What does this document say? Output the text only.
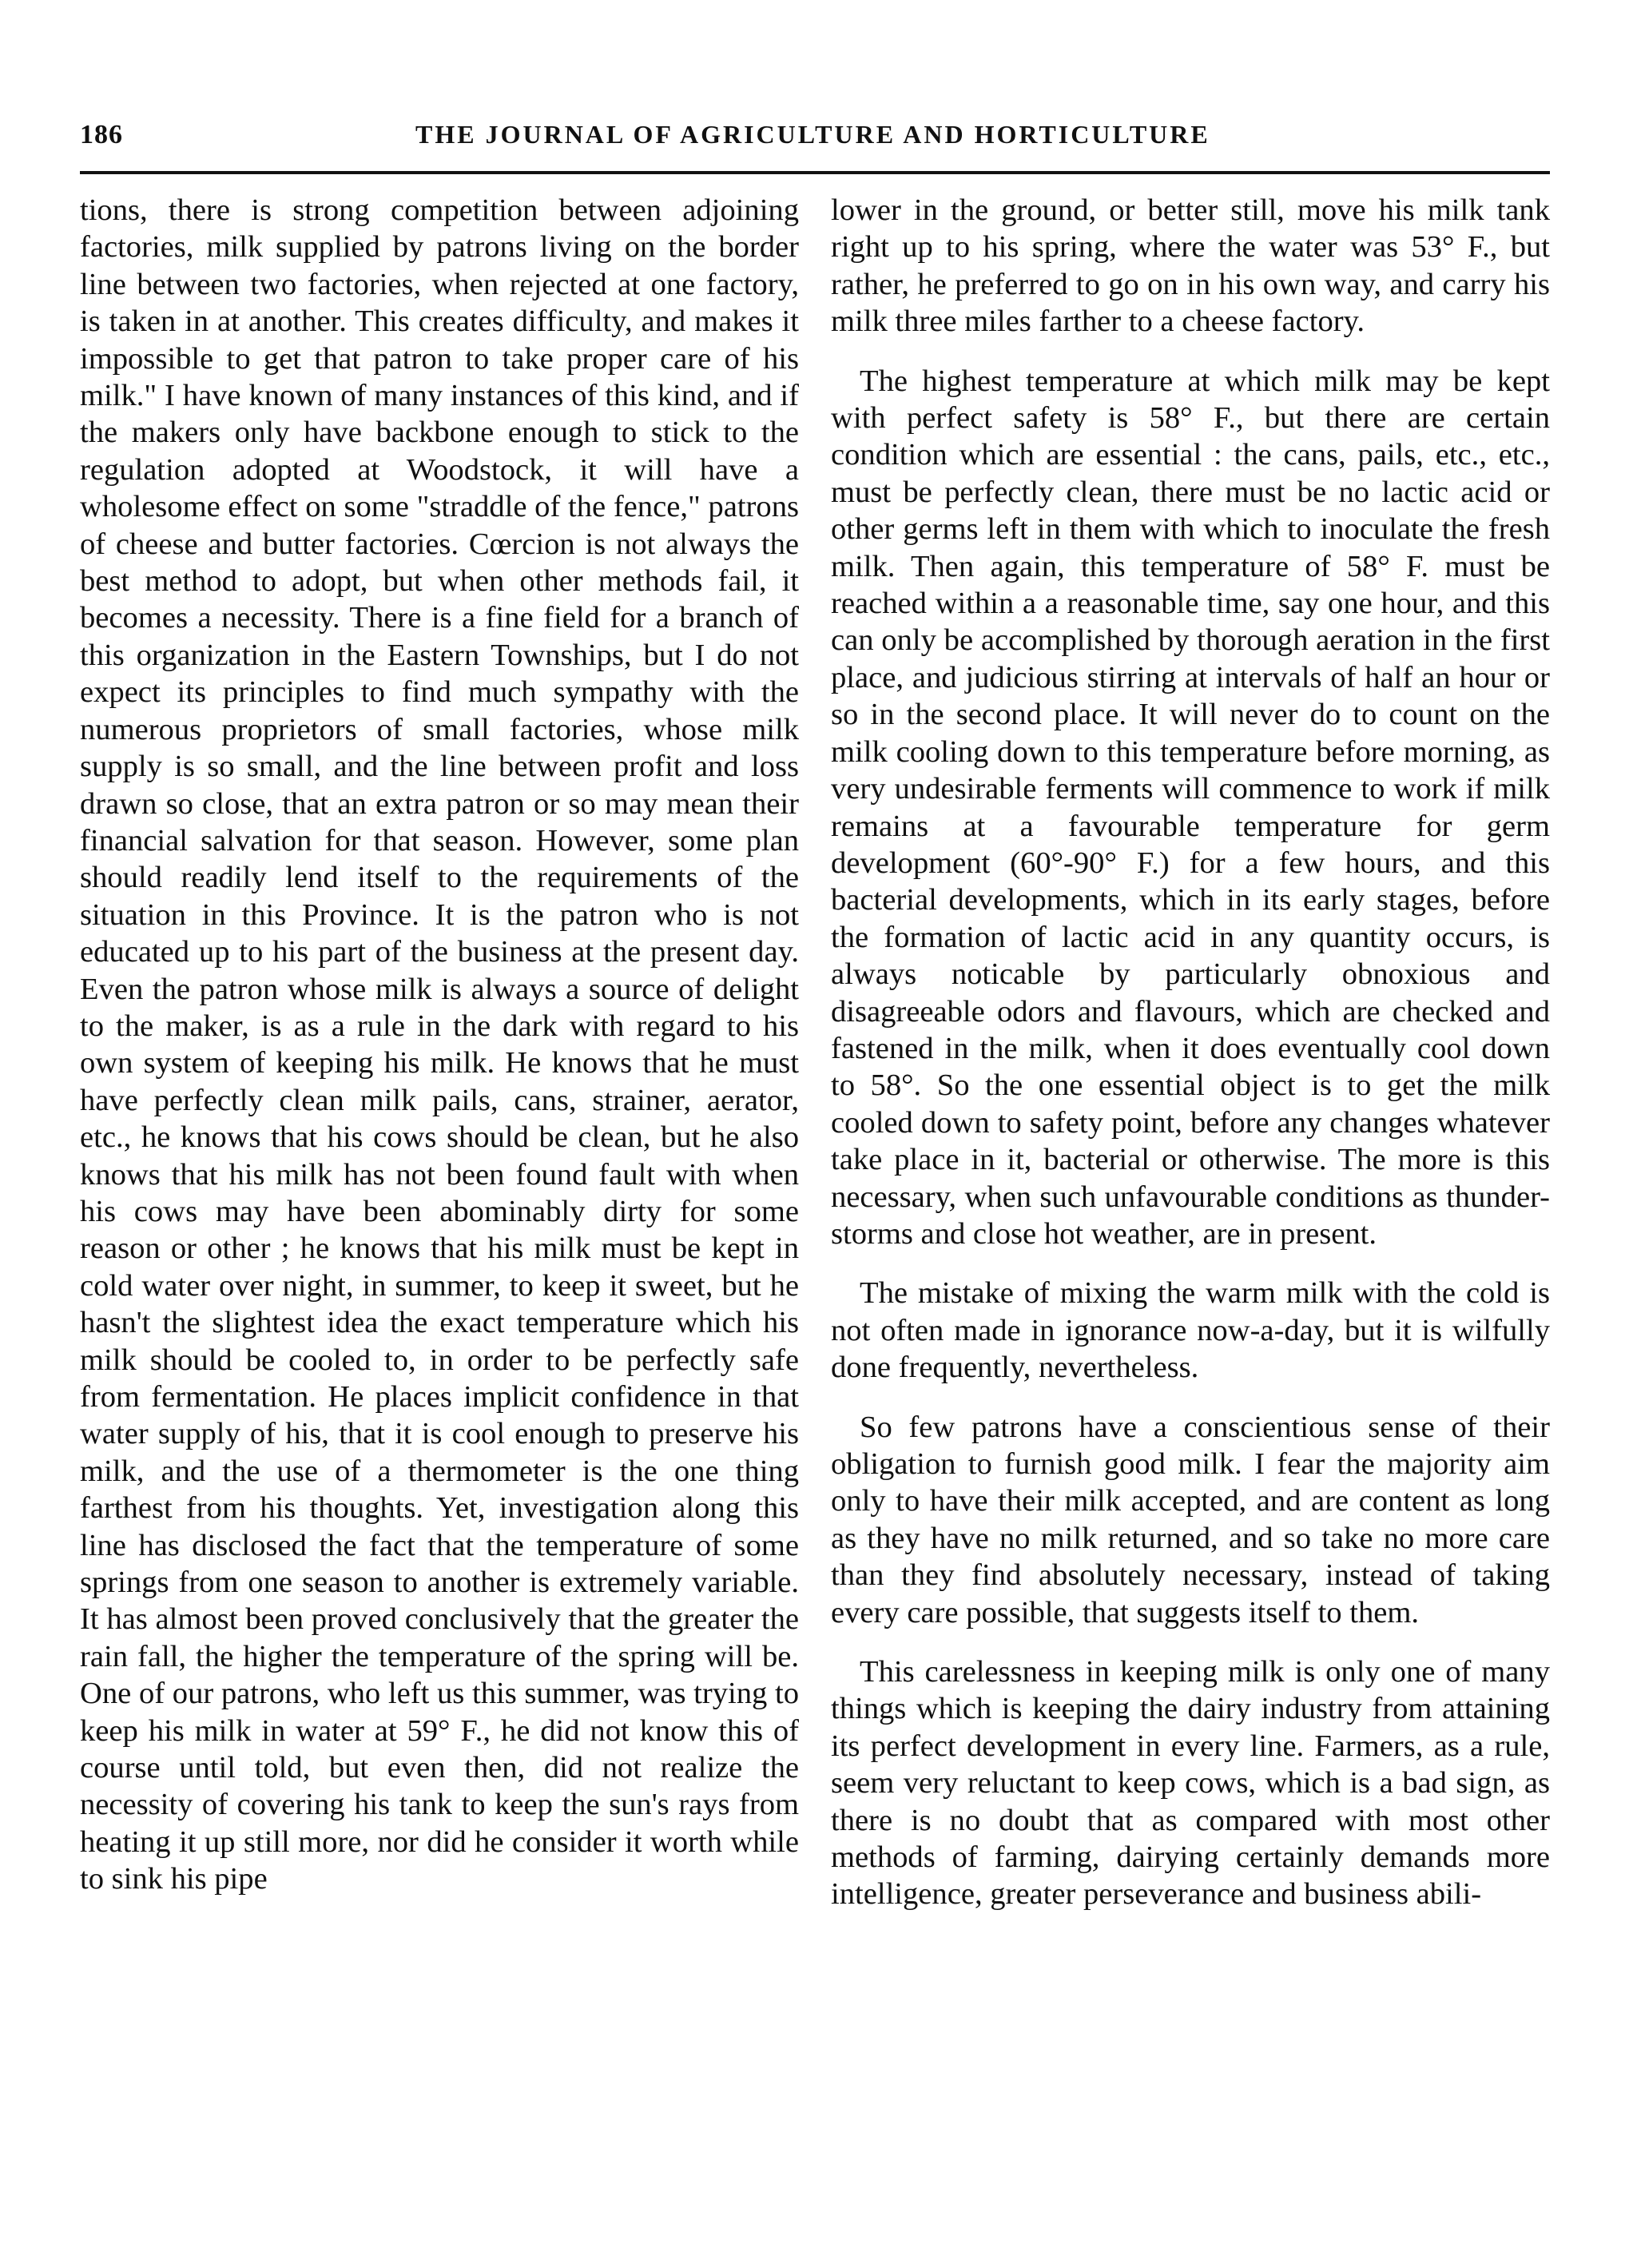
186	THE JOURNAL OF AGRICULTURE AND HORTICULTURE

tions, there is strong competition between adjoining factories, milk supplied by patrons living on the border line between two factories, when rejected at one factory, is taken in at another. This creates difficulty, and makes it impossible to get that patron to take proper care of his milk." I have known of many instances of this kind, and if the makers only have backbone enough to stick to the regulation adopted at Woodstock, it will have a wholesome effect on some "straddle of the fence," patrons of cheese and butter factories. Cœrcion is not always the best method to adopt, but when other methods fail, it becomes a necessity. There is a fine field for a branch of this organization in the Eastern Townships, but I do not expect its principles to find much sympathy with the numerous proprietors of small factories, whose milk supply is so small, and the line between profit and loss drawn so close, that an extra patron or so may mean their financial salvation for that season. However, some plan should readily lend itself to the requirements of the situation in this Province. It is the patron who is not educated up to his part of the business at the present day. Even the patron whose milk is always a source of delight to the maker, is as a rule in the dark with regard to his own system of keeping his milk. He knows that he must have perfectly clean milk pails, cans, strainer, aerator, etc., he knows that his cows should be clean, but he also knows that his milk has not been found fault with when his cows may have been abominably dirty for some reason or other ; he knows that his milk must be kept in cold water over night, in summer, to keep it sweet, but he hasn't the slightest idea the exact temperature which his milk should be cooled to, in order to be perfectly safe from fermentation. He places implicit confidence in that water supply of his, that it is cool enough to preserve his milk, and the use of a thermometer is the one thing farthest from his thoughts. Yet, investigation along this line has disclosed the fact that the temperature of some springs from one season to another is extremely variable. It has almost been proved conclusively that the greater the rain fall, the higher the temperature of the spring will be. One of our patrons, who left us this summer, was trying to keep his milk in water at 59° F., he did not know this of course until told, but even then, did not realize the necessity of covering his tank to keep the sun's rays from heating it up still more, nor did he consider it worth while to sink his pipe

lower in the ground, or better still, move his milk tank right up to his spring, where the water was 53° F., but rather, he preferred to go on in his own way, and carry his milk three miles farther to a cheese factory.

The highest temperature at which milk may be kept with perfect safety is 58° F., but there are certain condition which are essential : the cans, pails, etc., etc., must be perfectly clean, there must be no lactic acid or other germs left in them with which to inoculate the fresh milk. Then again, this temperature of 58° F. must be reached within a a reasonable time, say one hour, and this can only be accomplished by thorough aeration in the first place, and judicious stirring at intervals of half an hour or so in the second place. It will never do to count on the milk cooling down to this temperature before morning, as very undesirable ferments will commence to work if milk remains at a favourable temperature for germ development (60°-90° F.) for a few hours, and this bacterial developments, which in its early stages, before the formation of lactic acid in any quantity occurs, is always noticable by particularly obnoxious and disagreeable odors and flavours, which are checked and fastened in the milk, when it does eventually cool down to 58°. So the one essential object is to get the milk cooled down to safety point, before any changes whatever take place in it, bacterial or otherwise. The more is this necessary, when such unfavourable conditions as thunder-storms and close hot weather, are in present.

The mistake of mixing the warm milk with the cold is not often made in ignorance now-a-day, but it is wilfully done frequently, nevertheless.

So few patrons have a conscientious sense of their obligation to furnish good milk. I fear the majority aim only to have their milk accepted, and are content as long as they have no milk returned, and so take no more care than they find absolutely necessary, instead of taking every care possible, that suggests itself to them.

This carelessness in keeping milk is only one of many things which is keeping the dairy industry from attaining its perfect development in every line. Farmers, as a rule, seem very reluctant to keep cows, which is a bad sign, as there is no doubt that as compared with most other methods of farming, dairying certainly demands more intelligence, greater perseverance and business abili-
